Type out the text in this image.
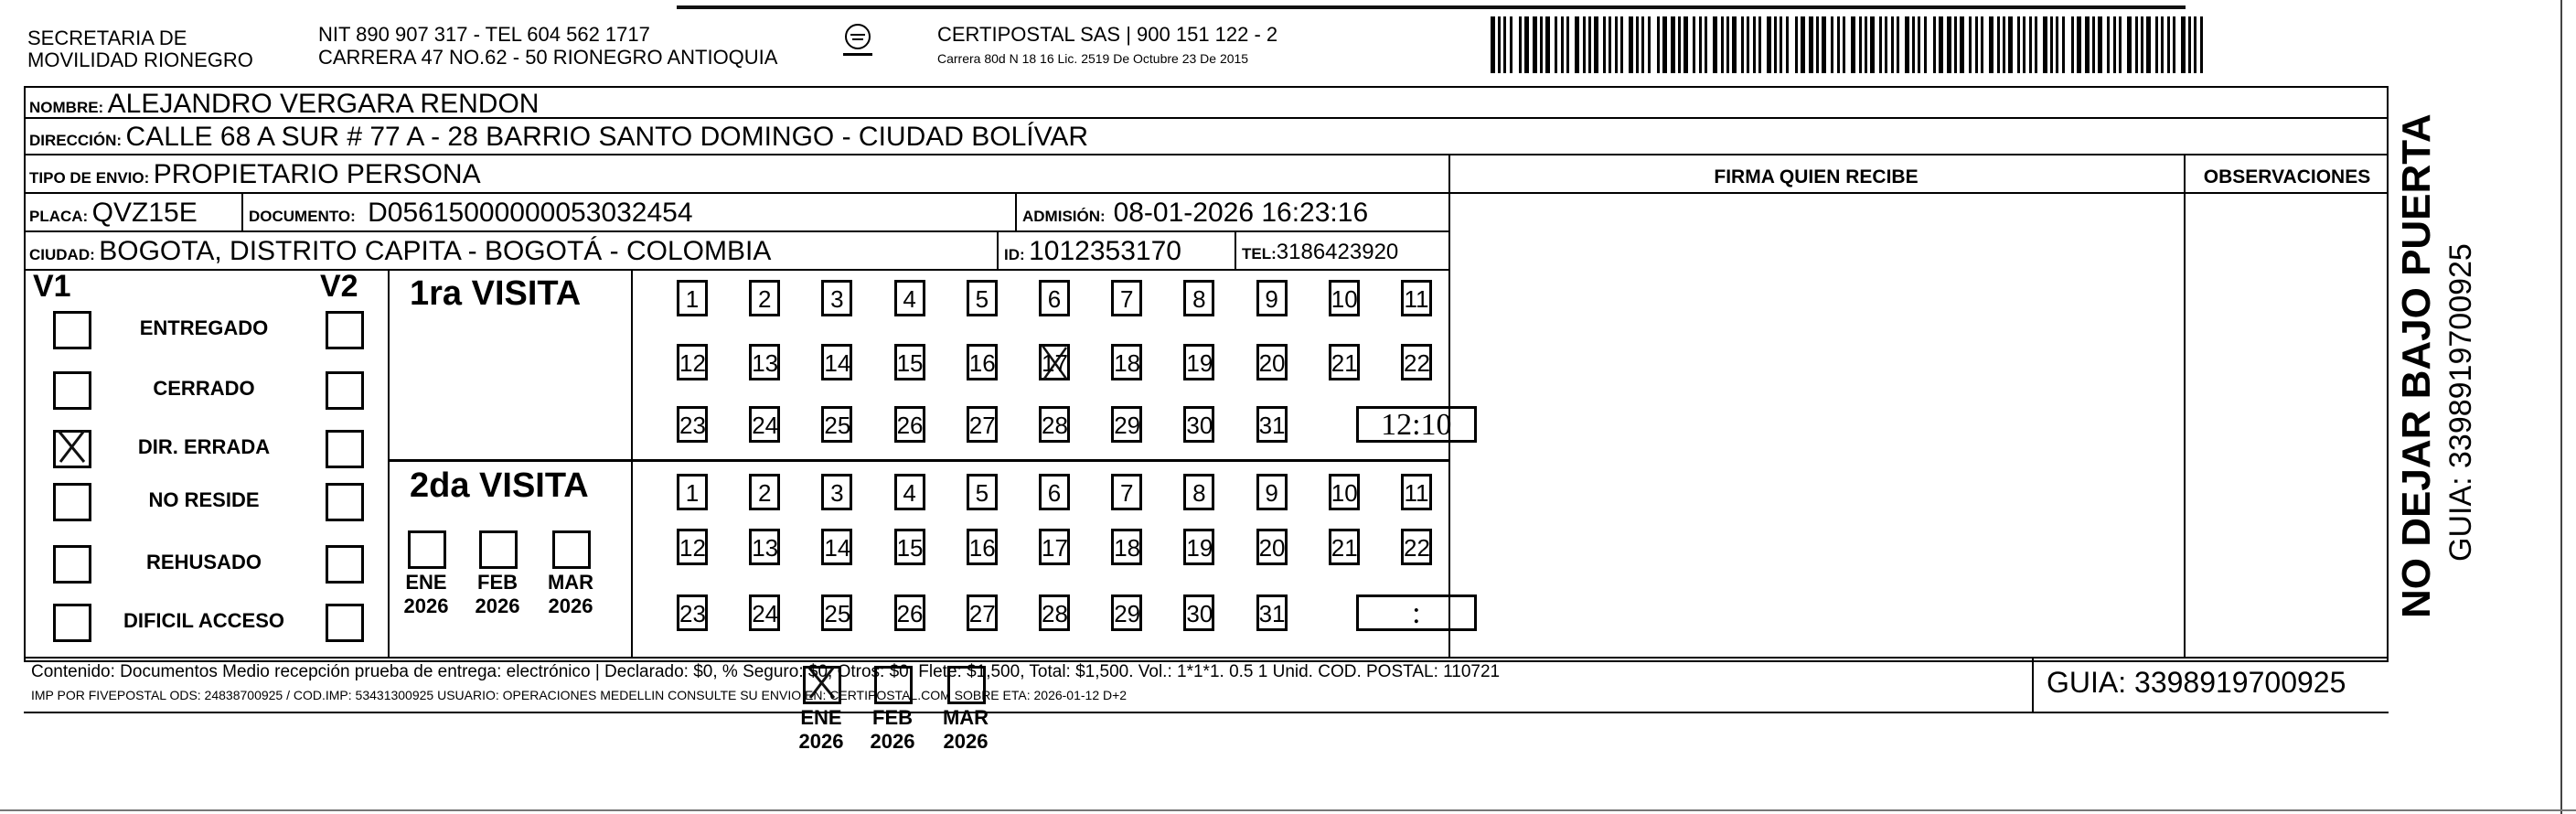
SECRETARIA DE
MOVILIDAD RIONEGRO
NIT 890 907 317 - TEL 604 562 1717
CARRERA 47 NO.62 - 50 RIONEGRO ANTIOQUIA
CERTIPOSTAL SAS | 900 151 122 - 2
Carrera 80d N 18 16 Lic. 2519 De Octubre 23 De 2015
NOMBRE: ALEJANDRO VERGARA RENDON
DIRECCIÓN: CALLE 68 A SUR # 77 A - 28 BARRIO SANTO DOMINGO - CIUDAD BOLÍVAR
TIPO DE ENVIO: PROPIETARIO PERSONA	FIRMA QUIEN RECIBE	OBSERVACIONES
PLACA: QVZ15E	DOCUMENTO: D05615000000053032454	ADMISIÓN: 08-01-2026 16:23:16
CIUDAD: BOGOTA, DISTRITO CAPITA - BOGOTÁ - COLOMBIA	ID: 1012353170	TEL:3186423920
V1	V2
ENTREGADO
CERRADO
DIR. ERRADA
NO RESIDE
REHUSADO
DIFICIL ACCESO
1ra VISITA
ENE
2026
FEB
2026
MAR
2026
1	2	3	4	5	6	7	8	9	10 11
12 13 14 15 16 17 18 19 20 21 22
23 24 25 26 27 28 29 30 31	12:10
2da VISITA
ENE
2026
FEB
2026
MAR
2026
1	2	3	4	5	6	7	8	9	10 11
12 13 14 15 16 17 18 19 20 21 22
23 24 25 26 27 28 29 30 31	:
Contenido: Documentos Medio recepción prueba de entrega: electrónico | Declarado: $0, % Seguro: $0, Otros: $0, Flete: $1,500, Total: $1,500. Vol.: 1*1*1. 0.5 1 Unid. COD. POSTAL: 110721
IMP POR FIVEPOSTAL ODS: 24838700925 / COD.IMP: 53431300925 USUARIO: OPERACIONES MEDELLIN CONSULTE SU ENVIO EN: CERTIPOSTAL.COM SOBRE ETA: 2026-01-12 D+2	GUIA: 3398919700925
NO DEJAR BAJO PUERTA GUIA: 3398919700925
